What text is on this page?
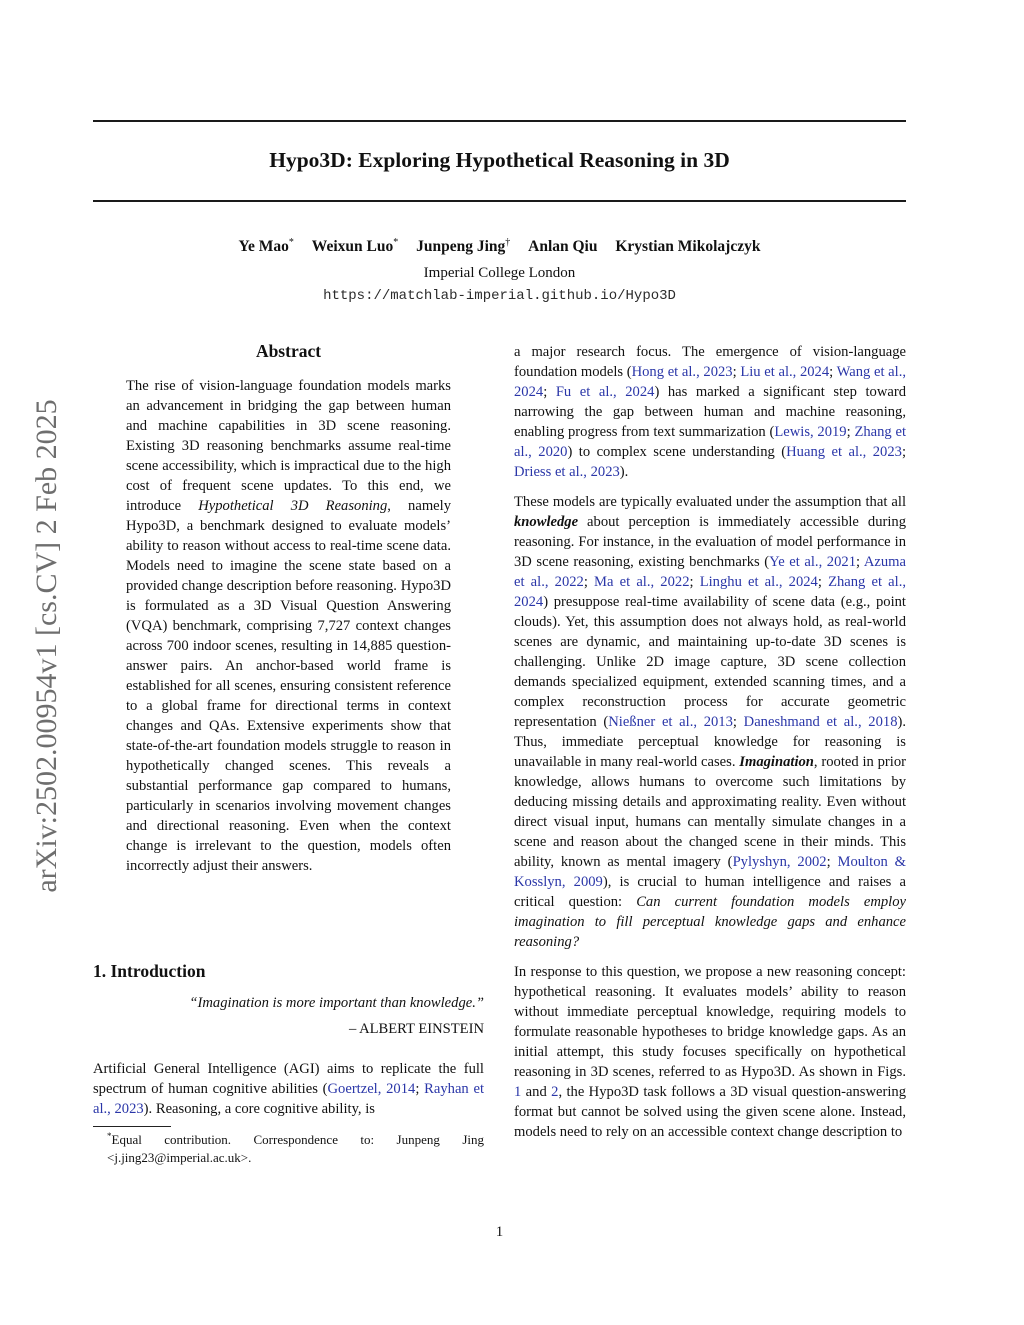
arXiv:2502.00954v1 [cs.CV] 2 Feb 2025
Hypo3D: Exploring Hypothetical Reasoning in 3D
Ye Mao* Weixun Luo* Junpeng Jing† Anlan Qiu Krystian Mikolajczyk
Imperial College London
https://matchlab-imperial.github.io/Hypo3D
Abstract

The rise of vision-language foundation models marks an advancement in bridging the gap between human and machine capabilities in 3D scene reasoning. Existing 3D reasoning benchmarks assume real-time scene accessibility, which is impractical due to the high cost of frequent scene updates. To this end, we introduce Hypothetical 3D Reasoning, namely Hypo3D, a benchmark designed to evaluate models’ ability to reason without access to real-time scene data. Models need to imagine the scene state based on a provided change description before reasoning. Hypo3D is formulated as a 3D Visual Question Answering (VQA) benchmark, comprising 7,727 context changes across 700 indoor scenes, resulting in 14,885 question-answer pairs. An anchor-based world frame is established for all scenes, ensuring consistent reference to a global frame for directional terms in context changes and QAs. Extensive experiments show that state-of-the-art foundation models struggle to reason in hypothetically changed scenes. This reveals a substantial performance gap compared to humans, particularly in scenarios involving movement changes and directional reasoning. Even when the context change is irrelevant to the question, models often incorrectly adjust their answers.

1. Introduction
“Imagination is more important than knowledge.”
– ALBERT EINSTEIN

Artificial General Intelligence (AGI) aims to replicate the full spectrum of human cognitive abilities (Goertzel, 2014; Rayhan et al., 2023). Reasoning, a core cognitive ability, is

*Equal contribution. Correspondence to: Junpeng Jing <j.jing23@imperial.ac.uk>.

a major research focus. The emergence of vision-language foundation models (Hong et al., 2023; Liu et al., 2024; Wang et al., 2024; Fu et al., 2024) has marked a significant step toward narrowing the gap between human and machine reasoning, enabling progress from text summarization (Lewis, 2019; Zhang et al., 2020) to complex scene understanding (Huang et al., 2023; Driess et al., 2023).

These models are typically evaluated under the assumption that all knowledge about perception is immediately accessible during reasoning. For instance, in the evaluation of model performance in 3D scene reasoning, existing benchmarks (Ye et al., 2021; Azuma et al., 2022; Ma et al., 2022; Linghu et al., 2024; Zhang et al., 2024) presuppose real-time availability of scene data (e.g., point clouds). Yet, this assumption does not always hold, as real-world scenes are dynamic, and maintaining up-to-date 3D scenes is challenging. Unlike 2D image capture, 3D scene collection demands specialized equipment, extended scanning times, and a complex reconstruction process for accurate geometric representation (Nießner et al., 2013; Daneshmand et al., 2018). Thus, immediate perceptual knowledge for reasoning is unavailable in many real-world cases. Imagination, rooted in prior knowledge, allows humans to overcome such limitations by deducing missing details and approximating reality. Even without direct visual input, humans can mentally simulate changes in a scene and reason about the changed scene in their minds. This ability, known as mental imagery (Pylyshyn, 2002; Moulton & Kosslyn, 2009), is crucial to human intelligence and raises a critical question: Can current foundation models employ imagination to fill perceptual knowledge gaps and enhance reasoning?

In response to this question, we propose a new reasoning concept: hypothetical reasoning. It evaluates models’ ability to reason without immediate perceptual knowledge, requiring models to formulate reasonable hypotheses to bridge knowledge gaps. As an initial attempt, this study focuses specifically on hypothetical reasoning in 3D scenes, referred to as Hypo3D. As shown in Figs. 1 and 2, the Hypo3D task follows a 3D visual question-answering format but cannot be solved using the given scene alone. Instead, models need to rely on an accessible context change description to

1
